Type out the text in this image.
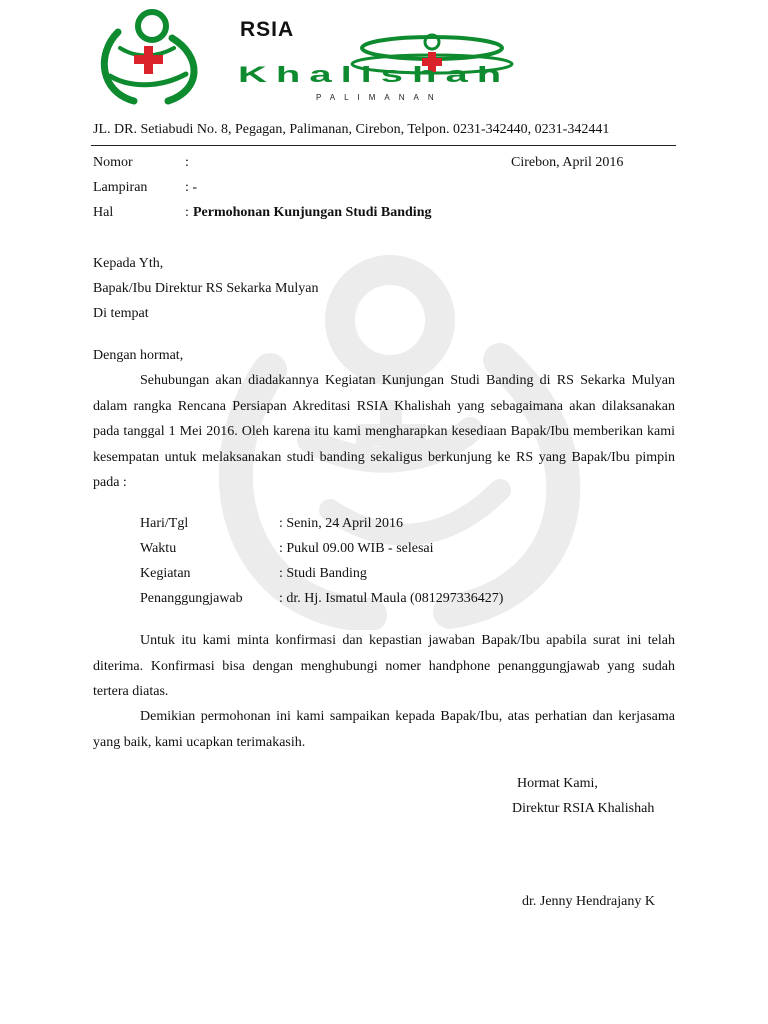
RSIA
Khalishah
PALIMANAN
JL. DR. Setiabudi No. 8, Pegagan, Palimanan, Cirebon, Telpon. 0231-342440, 0231-342441
Nomor	:	Cirebon, April 2016
Lampiran	: -
Hal	: Permohonan Kunjungan Studi Banding
Kepada Yth,
Bapak/Ibu Direktur RS Sekarka Mulyan
Di tempat
Dengan hormat,
Sehubungan akan diadakannya Kegiatan Kunjungan Studi Banding di RS Sekarka Mulyan dalam rangka Rencana Persiapan Akreditasi RSIA Khalishah yang sebagaimana akan dilaksanakan pada tanggal 1 Mei 2016. Oleh karena itu kami mengharapkan kesediaan Bapak/Ibu memberikan kami kesempatan untuk melaksanakan studi banding sekaligus berkunjung ke RS yang Bapak/Ibu pimpin pada :
Hari/Tgl	: Senin, 24 April 2016
Waktu	: Pukul 09.00 WIB - selesai
Kegiatan	: Studi Banding
Penanggungjawab	: dr. Hj. Ismatul Maula (081297336427)
Untuk itu kami minta konfirmasi dan kepastian jawaban Bapak/Ibu apabila surat ini telah diterima. Konfirmasi bisa dengan menghubungi nomer handphone penanggungjawab yang sudah tertera diatas.
Demikian permohonan ini kami sampaikan kepada Bapak/Ibu, atas perhatian dan kerjasama yang baik, kami ucapkan terimakasih.
Hormat Kami,
Direktur RSIA Khalishah
dr. Jenny Hendrajany K
